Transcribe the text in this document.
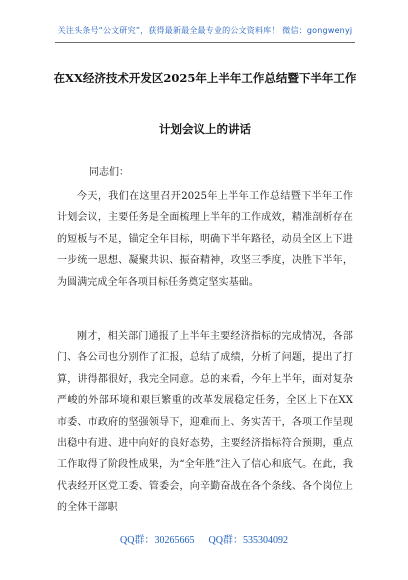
关注头条号“公文研究”，获得最新最全最专业的公文资料库！ 微信：gongwenyj
在XX经济技术开发区2025年上半年工作总结暨下半年工作
计划会议上的讲话
同志们：
今天，我们在这里召开2025年上半年工作总结暨下半年工作计划会议，主要任务是全面梳理上半年的工作成效，精准剖析存在的短板与不足，锚定全年目标，明确下半年路径，动员全区上下进一步统一思想、凝聚共识、振奋精神，攻坚三季度，决胜下半年，为圆满完成全年各项目标任务奠定坚实基础。
刚才，相关部门通报了上半年主要经济指标的完成情况，各部门、各公司也分别作了汇报，总结了成绩，分析了问题，提出了打算，讲得都很好，我完全同意。总的来看，今年上半年，面对复杂严峻的外部环境和艰巨繁重的改革发展稳定任务，全区上下在XX市委、市政府的坚强领导下，迎难而上、务实苦干，各项工作呈现出稳中有进、进中向好的良好态势，主要经济指标符合预期，重点工作取得了阶段性成果，为“全年胜”注入了信心和底气。在此，我代表经开区党工委、管委会，向辛勤奋战在各个条线、各个岗位上的全体干部职
QQ群：30265665 QQ群：535304092
